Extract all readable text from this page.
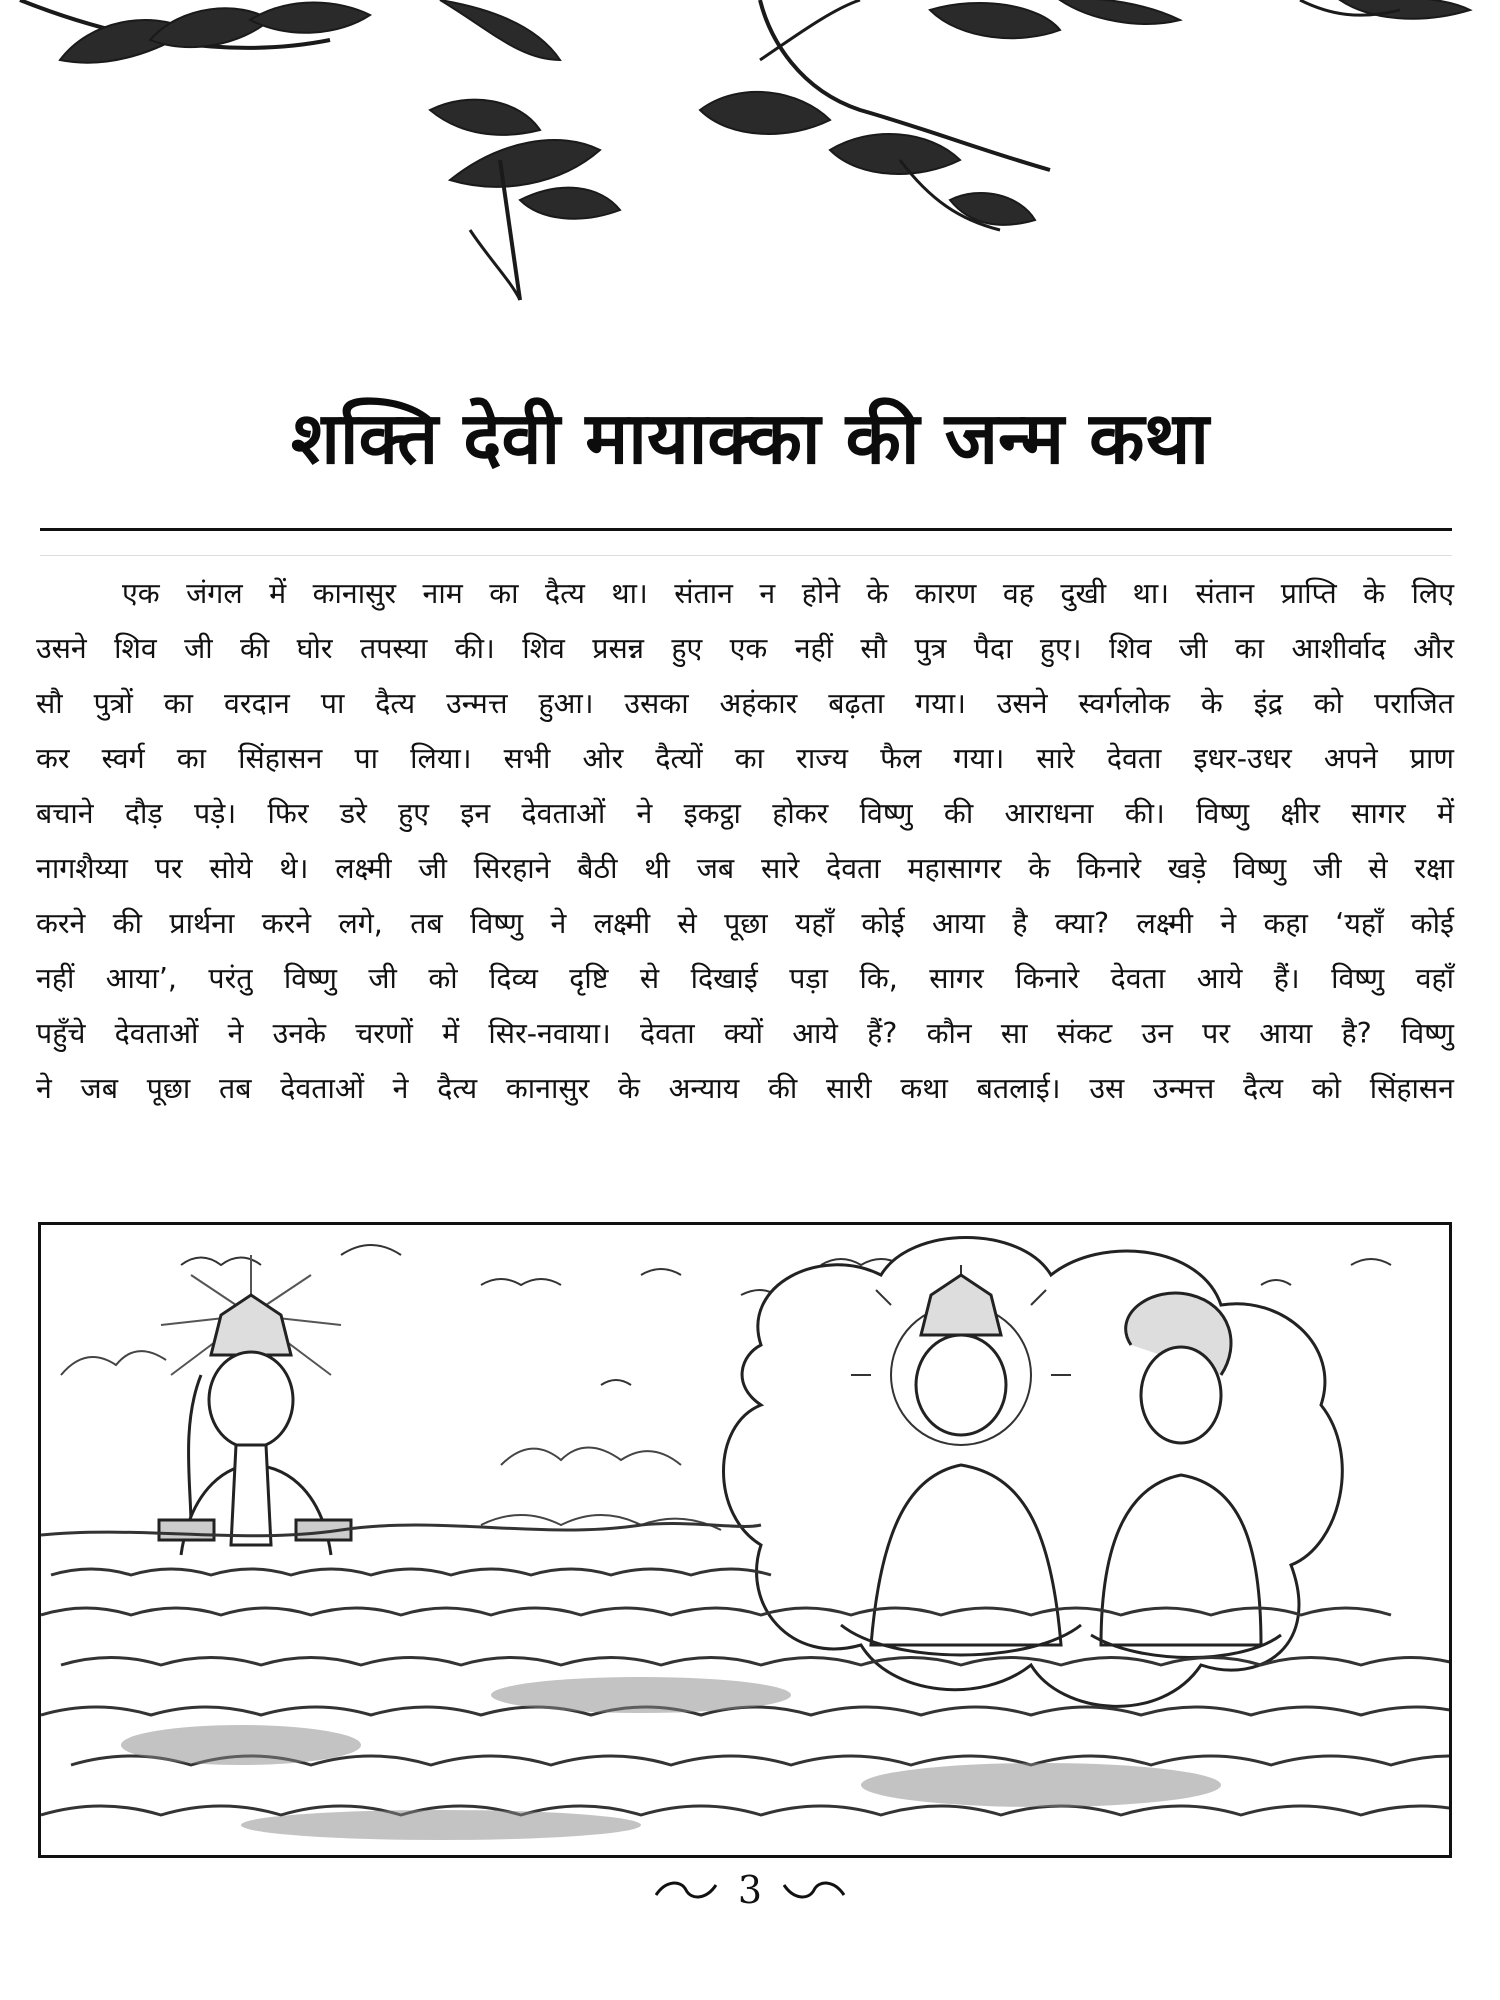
शक्ति देवी मायाक्का की जन्म कथा
एक जंगल में कानासुर नाम का दैत्य था। संतान न होने के कारण वह दुखी था। संतान प्राप्ति के लिए
उसने शिव जी की घोर तपस्या की। शिव प्रसन्न हुए एक नहीं सौ पुत्र पैदा हुए। शिव जी का आशीर्वाद और
सौ पुत्रों का वरदान पा दैत्य उन्मत्त हुआ। उसका अहंकार बढ़ता गया। उसने स्वर्गलोक के इंद्र को पराजित
कर स्वर्ग का सिंहासन पा लिया। सभी ओर दैत्यों का राज्य फैल गया। सारे देवता इधर-उधर अपने प्राण
बचाने दौड़ पड़े। फिर डरे हुए इन देवताओं ने इकट्ठा होकर विष्णु की आराधना की। विष्णु क्षीर सागर में
नागशैय्या पर सोये थे। लक्ष्मी जी सिरहाने बैठी थी जब सारे देवता महासागर के किनारे खड़े विष्णु जी से रक्षा
करने की प्रार्थना करने लगे, तब विष्णु ने लक्ष्मी से पूछा यहाँ कोई आया है क्या? लक्ष्मी ने कहा ‘यहाँ कोई
नहीं आया’, परंतु विष्णु जी को दिव्य दृष्टि से दिखाई पड़ा कि, सागर किनारे देवता आये हैं। विष्णु वहाँ
पहुँचे देवताओं ने उनके चरणों में सिर-नवाया। देवता क्यों आये हैं? कौन सा संकट उन पर आया है? विष्णु
ने जब पूछा तब देवताओं ने दैत्य कानासुर के अन्याय की सारी कथा बतलाई। उस उन्मत्त दैत्य को सिंहासन
3
